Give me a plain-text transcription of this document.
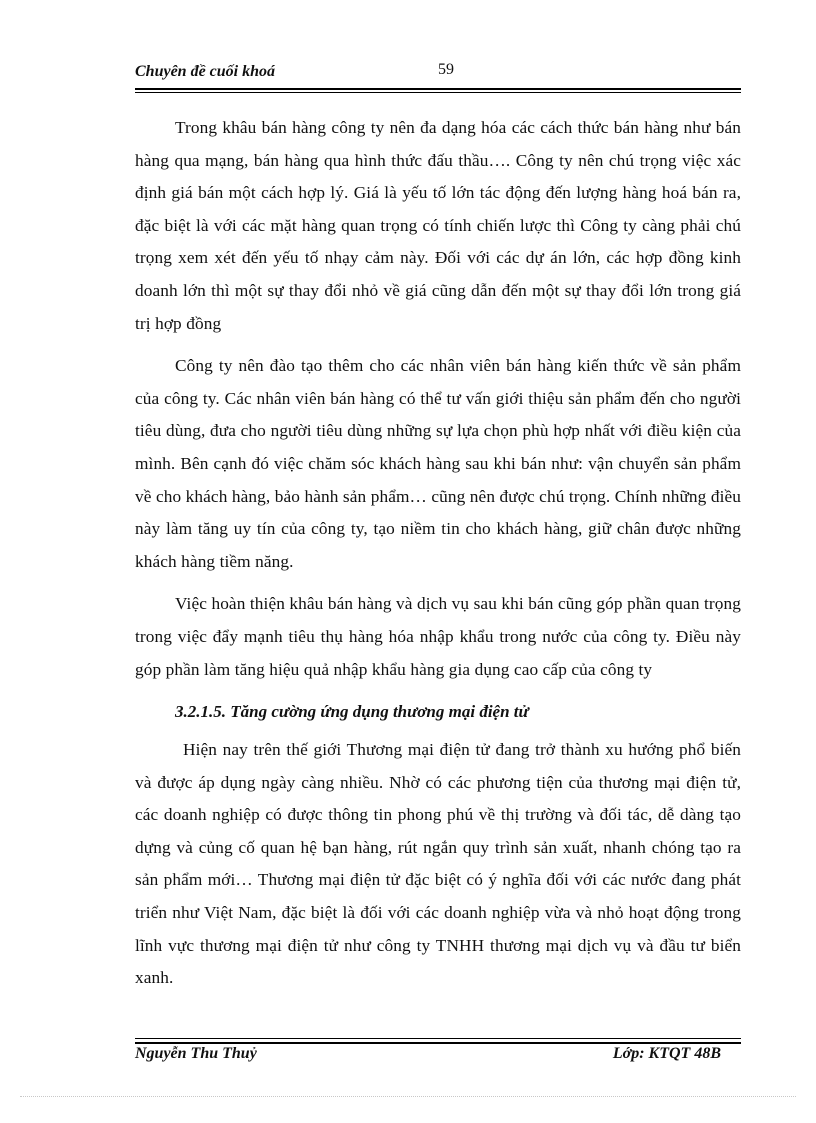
Chuyên đề cuối khoá	59

Trong khâu bán hàng công ty nên đa dạng hóa các cách thức bán hàng như bán hàng qua mạng, bán hàng qua hình thức đấu thầu…. Công ty nên chú trọng việc xác định giá bán một cách hợp lý. Giá là yếu tố lớn tác động đến lượng hàng hoá bán ra, đặc biệt là với các mặt hàng quan trọng có tính chiến lược thì Công ty càng phải chú trọng xem xét đến yếu tố nhạy cảm này. Đối với các dự án lớn, các hợp đồng kinh doanh lớn thì một sự thay đổi nhỏ về giá cũng dẫn đến một sự thay đổi lớn trong giá trị hợp đồng

Công ty nên đào tạo thêm cho các nhân viên bán hàng kiến thức về sản phẩm của công ty. Các nhân viên bán hàng có thể tư vấn giới thiệu sản phẩm đến cho người tiêu dùng, đưa cho người tiêu dùng những sự lựa chọn phù hợp nhất với điều kiện của mình. Bên cạnh đó việc chăm sóc khách hàng sau khi bán như: vận chuyển sản phẩm về cho khách hàng, bảo hành sản phẩm… cũng nên được chú trọng. Chính những điều này làm tăng uy tín của công ty, tạo niềm tin cho khách hàng, giữ chân được những khách hàng tiềm năng.

Việc hoàn thiện khâu bán hàng và dịch vụ sau khi bán cũng góp phần quan trọng trong việc đẩy mạnh tiêu thụ hàng hóa nhập khẩu trong nước của công ty. Điều này góp phần làm tăng hiệu quả nhập khẩu hàng gia dụng cao cấp của công ty

3.2.1.5. Tăng cường ứng dụng thương mại điện tử

Hiện nay trên thế giới Thương mại điện tử đang trở thành xu hướng phổ biến và được áp dụng ngày càng nhiều. Nhờ có các phương tiện của thương mại điện tử, các doanh nghiệp có được thông tin phong phú về thị trường và đối tác, dễ dàng tạo dựng và củng cố quan hệ bạn hàng, rút ngắn quy trình sản xuất, nhanh chóng tạo ra sản phẩm mới… Thương mại điện tử đặc biệt có ý nghĩa đối với các nước đang phát triển như Việt Nam, đặc biệt là đối với các doanh nghiệp vừa và nhỏ hoạt động trong lĩnh vực thương mại điện tử như công ty TNHH thương mại dịch vụ và đầu tư biển xanh.

Nguyễn Thu Thuỷ	Lớp: KTQT 48B
